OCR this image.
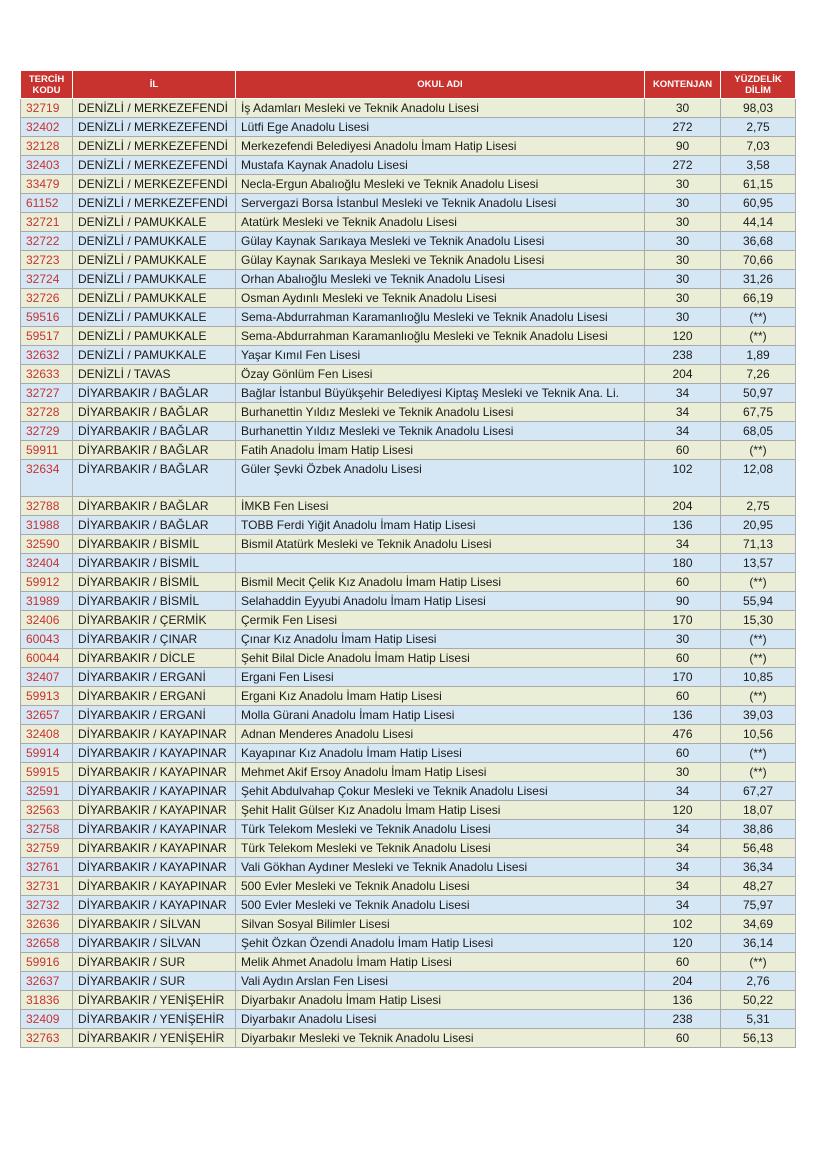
TERCİH KODU	İL	OKUL ADI	KONTENJAN	YÜZDELİK DİLİM
32719	DENİZLİ / MERKEZEFENDİ	İş Adamları Mesleki ve Teknik Anadolu Lisesi	30	98,03
32402	DENİZLİ / MERKEZEFENDİ	Lütfi Ege Anadolu Lisesi	272	2,75
32128	DENİZLİ / MERKEZEFENDİ	Merkezefendi Belediyesi Anadolu İmam Hatip Lisesi	90	7,03
32403	DENİZLİ / MERKEZEFENDİ	Mustafa Kaynak Anadolu Lisesi	272	3,58
33479	DENİZLİ / MERKEZEFENDİ	Necla-Ergun Abalıoğlu Mesleki ve Teknik Anadolu Lisesi	30	61,15
61152	DENİZLİ / MERKEZEFENDİ	Servergazi Borsa İstanbul Mesleki ve Teknik Anadolu Lisesi	30	60,95
32721	DENİZLİ / PAMUKKALE	Atatürk Mesleki ve Teknik Anadolu Lisesi	30	44,14
32722	DENİZLİ / PAMUKKALE	Gülay Kaynak Sarıkaya Mesleki ve Teknik Anadolu Lisesi	30	36,68
32723	DENİZLİ / PAMUKKALE	Gülay Kaynak Sarıkaya Mesleki ve Teknik Anadolu Lisesi	30	70,66
32724	DENİZLİ / PAMUKKALE	Orhan Abalıoğlu Mesleki ve Teknik Anadolu Lisesi	30	31,26
32726	DENİZLİ / PAMUKKALE	Osman Aydınlı Mesleki ve Teknik Anadolu Lisesi	30	66,19
59516	DENİZLİ / PAMUKKALE	Sema-Abdurrahman Karamanlıoğlu Mesleki ve Teknik Anadolu Lisesi	30	(**)
59517	DENİZLİ / PAMUKKALE	Sema-Abdurrahman Karamanlıoğlu Mesleki ve Teknik Anadolu Lisesi	120	(**)
32632	DENİZLİ / PAMUKKALE	Yaşar Kımıl Fen Lisesi	238	1,89
32633	DENİZLİ / TAVAS	Özay Gönlüm Fen Lisesi	204	7,26
32727	DİYARBAKIR / BAĞLAR	Bağlar İstanbul Büyükşehir Belediyesi Kiptaş Mesleki ve Teknik Ana. Li.	34	50,97
32728	DİYARBAKIR / BAĞLAR	Burhanettin Yıldız Mesleki ve Teknik Anadolu Lisesi	34	67,75
32729	DİYARBAKIR / BAĞLAR	Burhanettin Yıldız Mesleki ve Teknik Anadolu Lisesi	34	68,05
59911	DİYARBAKIR / BAĞLAR	Fatih Anadolu İmam Hatip Lisesi	60	(**)
32634	DİYARBAKIR / BAĞLAR	Güler Şevki Özbek Anadolu Lisesi	102	12,08
32788	DİYARBAKIR / BAĞLAR	İMKB Fen Lisesi	204	2,75
31988	DİYARBAKIR / BAĞLAR	TOBB Ferdi Yiğit Anadolu İmam Hatip Lisesi	136	20,95
32590	DİYARBAKIR / BİSMİL	Bismil Atatürk Mesleki ve Teknik Anadolu Lisesi	34	71,13
32404	DİYARBAKIR / BİSMİL		180	13,57
59912	DİYARBAKIR / BİSMİL	Bismil Mecit Çelik Kız Anadolu İmam Hatip Lisesi	60	(**)
31989	DİYARBAKIR / BİSMİL	Selahaddin Eyyubi Anadolu İmam Hatip Lisesi	90	55,94
32406	DİYARBAKIR / ÇERMİK	Çermik Fen Lisesi	170	15,30
60043	DİYARBAKIR / ÇINAR	Çınar Kız Anadolu İmam Hatip Lisesi	30	(**)
60044	DİYARBAKIR / DİCLE	Şehit Bilal Dicle Anadolu İmam Hatip Lisesi	60	(**)
32407	DİYARBAKIR / ERGANİ	Ergani Fen Lisesi	170	10,85
59913	DİYARBAKIR / ERGANİ	Ergani Kız Anadolu İmam Hatip Lisesi	60	(**)
32657	DİYARBAKIR / ERGANİ	Molla Gürani Anadolu İmam Hatip Lisesi	136	39,03
32408	DİYARBAKIR / KAYAPINAR	Adnan Menderes Anadolu Lisesi	476	10,56
59914	DİYARBAKIR / KAYAPINAR	Kayapınar Kız Anadolu İmam Hatip Lisesi	60	(**)
59915	DİYARBAKIR / KAYAPINAR	Mehmet Akif Ersoy Anadolu İmam Hatip Lisesi	30	(**)
32591	DİYARBAKIR / KAYAPINAR	Şehit Abdulvahap Çokur Mesleki ve Teknik Anadolu Lisesi	34	67,27
32563	DİYARBAKIR / KAYAPINAR	Şehit Halit Gülser Kız Anadolu İmam Hatip Lisesi	120	18,07
32758	DİYARBAKIR / KAYAPINAR	Türk Telekom Mesleki ve Teknik Anadolu Lisesi	34	38,86
32759	DİYARBAKIR / KAYAPINAR	Türk Telekom Mesleki ve Teknik Anadolu Lisesi	34	56,48
32761	DİYARBAKIR / KAYAPINAR	Vali Gökhan Aydıner Mesleki ve Teknik Anadolu Lisesi	34	36,34
32731	DİYARBAKIR / KAYAPINAR	500 Evler Mesleki ve Teknik Anadolu Lisesi	34	48,27
32732	DİYARBAKIR / KAYAPINAR	500 Evler Mesleki ve Teknik Anadolu Lisesi	34	75,97
32636	DİYARBAKIR / SİLVAN	Silvan Sosyal Bilimler Lisesi	102	34,69
32658	DİYARBAKIR / SİLVAN	Şehit Özkan Özendi Anadolu İmam Hatip Lisesi	120	36,14
59916	DİYARBAKIR / SUR	Melik Ahmet Anadolu İmam Hatip Lisesi	60	(**)
32637	DİYARBAKIR / SUR	Vali Aydın Arslan Fen Lisesi	204	2,76
31836	DİYARBAKIR / YENİŞEHİR	Diyarbakır Anadolu İmam Hatip Lisesi	136	50,22
32409	DİYARBAKIR / YENİŞEHİR	Diyarbakır Anadolu Lisesi	238	5,31
32763	DİYARBAKIR / YENİŞEHİR	Diyarbakır Mesleki ve Teknik Anadolu Lisesi	60	56,13
